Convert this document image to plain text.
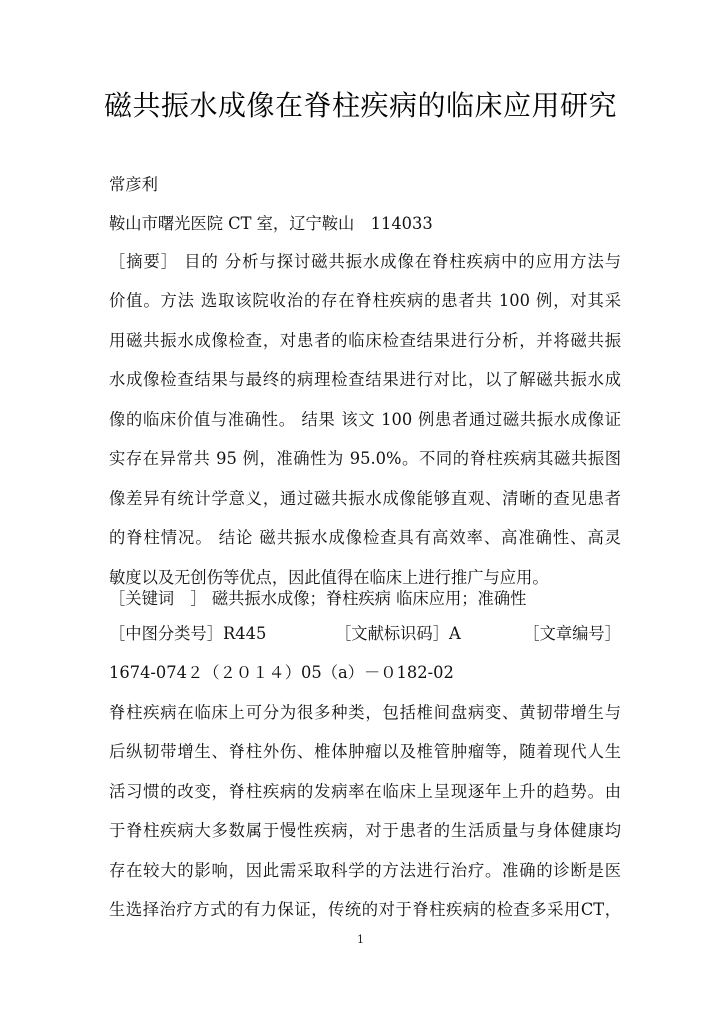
磁共振水成像在脊柱疾病的临床应用研究
常彦利
鞍山市曙光医院 CT 室，辽宁鞍山　114033
［摘要］ 目的 分析与探讨磁共振水成像在脊柱疾病中的应用方法与
价值。方法 选取该院收治的存在脊柱疾病的患者共 100 例，对其采
用磁共振水成像检查，对患者的临床检查结果进行分析，并将磁共振
水成像检查结果与最终的病理检查结果进行对比，以了解磁共振水成
像的临床价值与准确性。 结果 该文 100 例患者通过磁共振水成像证
实存在异常共 95 例，准确性为 95.0%。不同的脊柱疾病其磁共振图
像差异有统计学意义，通过磁共振水成像能够直观、清晰的查见患者
的脊柱情况。 结论 磁共振水成像检查具有高效率、高准确性、高灵
敏度以及无创伤等优点，因此值得在临床上进行推广与应用。
［关键词　］ 磁共振水成像；脊柱疾病 临床应用；准确性
［中图分类号］R445	［文献标识码］A	［文章编号］
1674-074２（２０１４）05（a）－０182-02
脊柱疾病在临床上可分为很多种类，包括椎间盘病变、黄韧带增生与
后纵韧带增生、脊柱外伤、椎体肿瘤以及椎管肿瘤等，随着现代人生
活习惯的改变，脊柱疾病的发病率在临床上呈现逐年上升的趋势。由
于脊柱疾病大多数属于慢性疾病，对于患者的生活质量与身体健康均
存在较大的影响，因此需采取科学的方法进行治疗。准确的诊断是医
生选择治疗方式的有力保证，传统的对于脊柱疾病的检查多采用CT，
1
